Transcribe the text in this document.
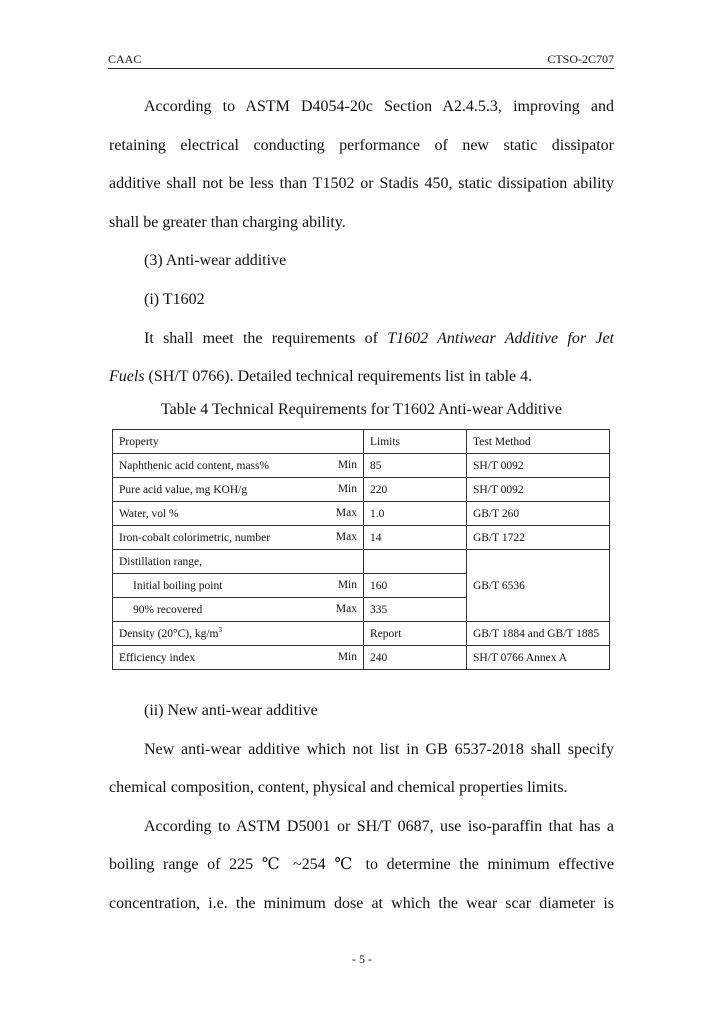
CAAC	CTSO-2C707
According to ASTM D4054-20c Section A2.4.5.3, improving and
retaining electrical conducting performance of new static dissipator
additive shall not be less than T1502 or Stadis 450, static dissipation ability
shall be greater than charging ability.
(3) Anti-wear additive
(i) T1602
It shall meet the requirements of T1602 Antiwear Additive for Jet
Fuels (SH/T 0766). Detailed technical requirements list in table 4.
Table 4 Technical Requirements for T1602 Anti-wear Additive
Property	Limits	Test Method
Naphthenic acid content, mass% Min	85	SH/T 0092
Pure acid value, mg KOH/g Min	220	SH/T 0092
Water, vol % Max	1.0	GB/T 260
Iron-cobalt colorimetric, number Max	14	GB/T 1722
Distillation range,		GB/T 6536
Initial boiling point Min	160	
90% recovered Max	335	
Density (20°C), $kg/m^3$	Report	GB/T 1884 and GB/T 1885
Efficiency index Min	240	SH/T 0766 Annex A
(ii) New anti-wear additive
New anti-wear additive which not list in GB 6537-2018 shall specify
chemical composition, content, physical and chemical properties limits.
According to ASTM D5001 or SH/T 0687, use iso-paraffin that has a
boiling range of 225 ℃ ~254 ℃ to determine the minimum effective
concentration, i.e. the minimum dose at which the wear scar diameter is
- 5 -
